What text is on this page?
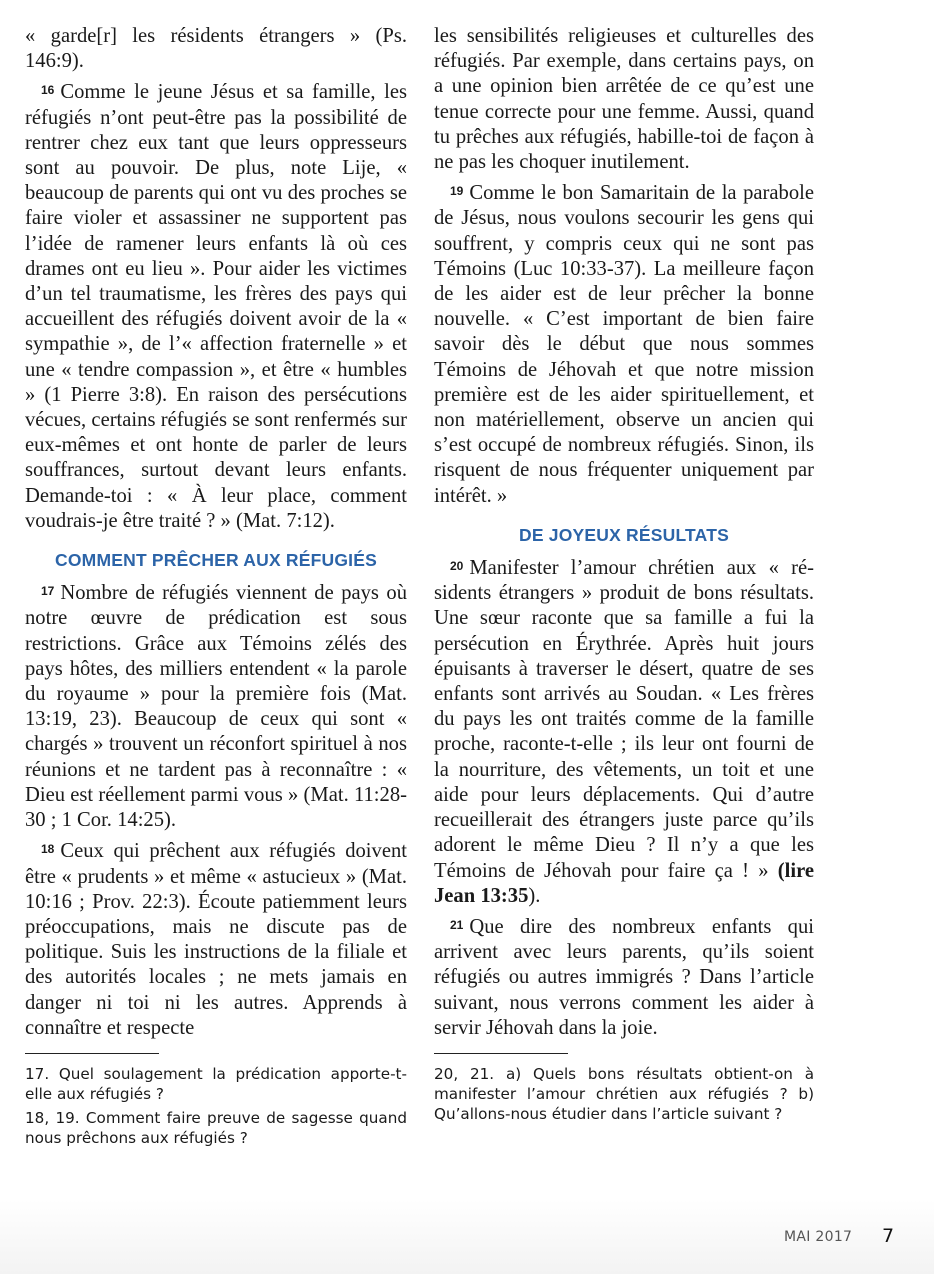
« garde[r] les résidents étrangers » (Ps. 146:9).

16 Comme le jeune Jésus et sa famille, les réfugiés n’ont peut-être pas la possibilité de rentrer chez eux tant que leurs oppresseurs sont au pouvoir. De plus, note Lije, « beaucoup de parents qui ont vu des proches se faire violer et assassiner ne supportent pas l’idée de ramener leurs enfants là où ces drames ont eu lieu ». Pour aider les victimes d’un tel traumatisme, les frères des pays qui accueillent des réfugiés doivent avoir de la « sympathie », de l’« affection fraternelle » et une « tendre compassion », et être « humbles » (1 Pierre 3:8). En raison des persécutions vécues, certains réfugiés se sont renfermés sur eux-mêmes et ont honte de parler de leurs souffrances, surtout devant leurs enfants. Demande-toi : « À leur place, comment voudrais-je être traité ? » (Mat. 7:12).

COMMENT PRÊCHER AUX RÉFUGIÉS

17 Nombre de réfugiés viennent de pays où notre œuvre de prédication est sous restrictions. Grâce aux Témoins zélés des pays hôtes, des milliers entendent « la parole du royaume » pour la première fois (Mat. 13:19, 23). Beaucoup de ceux qui sont « chargés » trouvent un réconfort spirituel à nos réunions et ne tardent pas à reconnaître : « Dieu est réellement parmi vous » (Mat. 11:28-30 ; 1 Cor. 14:25).

18 Ceux qui prêchent aux réfugiés doivent être « prudents » et même « astucieux » (Mat. 10:16 ; Prov. 22:3). Écoute patiemment leurs préoccupations, mais ne discute pas de politique. Suis les instructions de la filiale et des autorités locales ; ne mets jamais en danger ni toi ni les autres. Apprends à connaître et respecte

17. Quel soulagement la prédication apporte-t-elle aux réfugiés ?

18, 19. Comment faire preuve de sagesse quand nous prêchons aux réfugiés ?

les sensibilités religieuses et culturelles des réfugiés. Par exemple, dans certains pays, on a une opinion bien arrêtée de ce qu’est une tenue correcte pour une femme. Aussi, quand tu prêches aux réfugiés, habille-toi de façon à ne pas les choquer inutilement.

19 Comme le bon Samaritain de la parabole de Jésus, nous voulons secourir les gens qui souffrent, y compris ceux qui ne sont pas Témoins (Luc 10:33-37). La meilleure façon de les aider est de leur prêcher la bonne nouvelle. « C’est important de bien faire savoir dès le début que nous sommes Témoins de Jéhovah et que notre mission première est de les aider spirituellement, et non matériellement, observe un ancien qui s’est occupé de nombreux réfugiés. Sinon, ils risquent de nous fréquenter uniquement par intérêt. »

DE JOYEUX RÉSULTATS

20 Manifester l’amour chrétien aux « résidents étrangers » produit de bons résultats. Une sœur raconte que sa famille a fui la persécution en Érythrée. Après huit jours épuisants à traverser le désert, quatre de ses enfants sont arrivés au Soudan. « Les frères du pays les ont traités comme de la famille proche, raconte-t-elle ; ils leur ont fourni de la nourriture, des vêtements, un toit et une aide pour leurs déplacements. Qui d’autre recueillerait des étrangers juste parce qu’ils adorent le même Dieu ? Il n’y a que les Témoins de Jéhovah pour faire ça ! » (lire Jean 13:35).

21 Que dire des nombreux enfants qui arrivent avec leurs parents, qu’ils soient réfugiés ou autres immigrés ? Dans l’article suivant, nous verrons comment les aider à servir Jéhovah dans la joie.

20, 21. a) Quels bons résultats obtient-on à manifester l’amour chrétien aux réfugiés ? b) Qu’allons-nous étudier dans l’article suivant ?

MAI 2017 7
